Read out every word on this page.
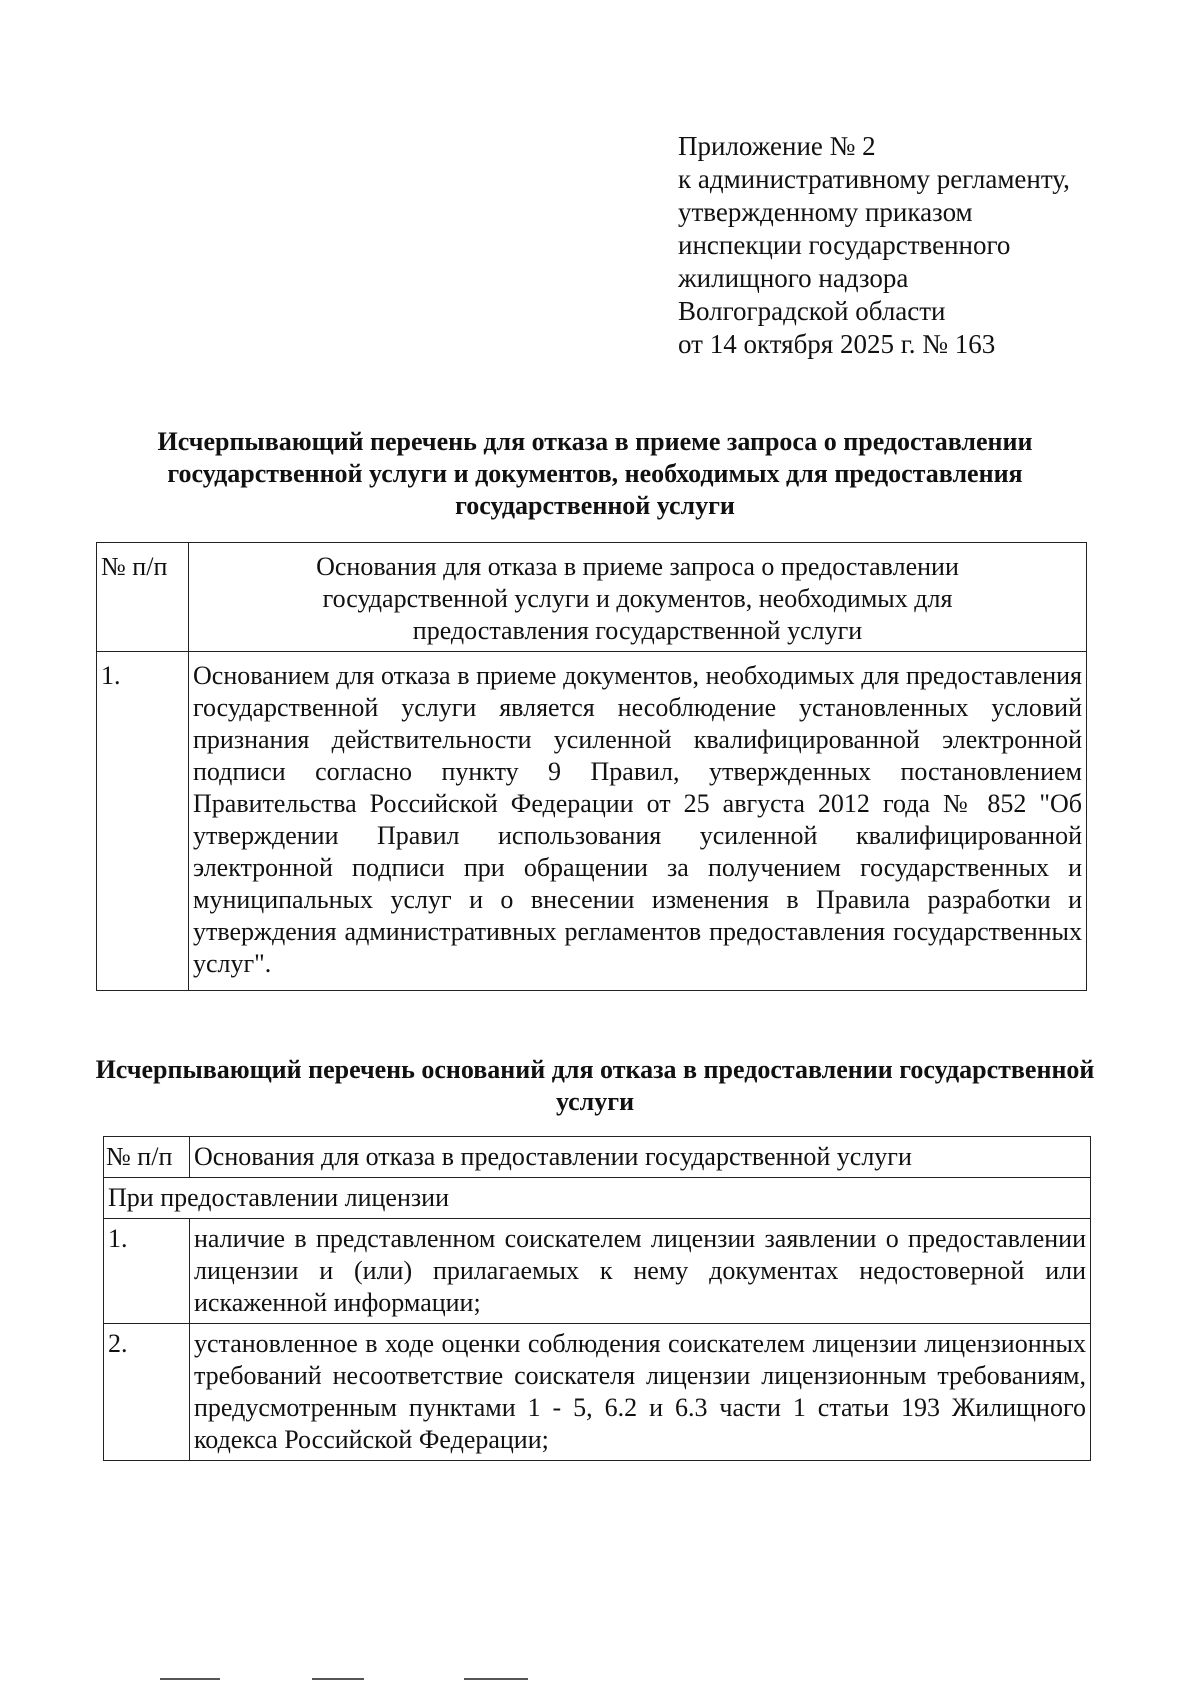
Приложение № 2
к административному регламенту,
утвержденному приказом
инспекции государственного
жилищного надзора
Волгоградской области
от 14 октября 2025 г. № 163
Исчерпывающий перечень для отказа в приеме запроса о предоставлении государственной услуги и документов, необходимых для предоставления государственной услуги
№ п/п	Основания для отказа в приеме запроса о предоставлении государственной услуги и документов, необходимых для предоставления государственной услуги
1.	Основанием для отказа в приеме документов, необходимых для предоставления государственной услуги является несоблюдение установленных условий признания действительности усиленной квалифицированной электронной подписи согласно пункту 9 Правил, утвержденных постановлением Правительства Российской Федерации от 25 августа 2012 года № 852 "Об утверждении Правил использования усиленной квалифицированной электронной подписи при обращении за получением государственных и муниципальных услуг и о внесении изменения в Правила разработки и утверждения административных регламентов предоставления государственных услуг".
Исчерпывающий перечень оснований для отказа в предоставлении государственной услуги
№ п/п	Основания для отказа в предоставлении государственной услуги
При предоставлении лицензии	
1.	наличие в представленном соискателем лицензии заявлении о предоставлении лицензии и (или) прилагаемых к нему документах недостоверной или искаженной информации;
2.	установленное в ходе оценки соблюдения соискателем лицензии лицензионных требований несоответствие соискателя лицензии лицензионным требованиям, предусмотренным пунктами 1 - 5, 6.2 и 6.3 части 1 статьи 193 Жилищного кодекса Российской Федерации;
